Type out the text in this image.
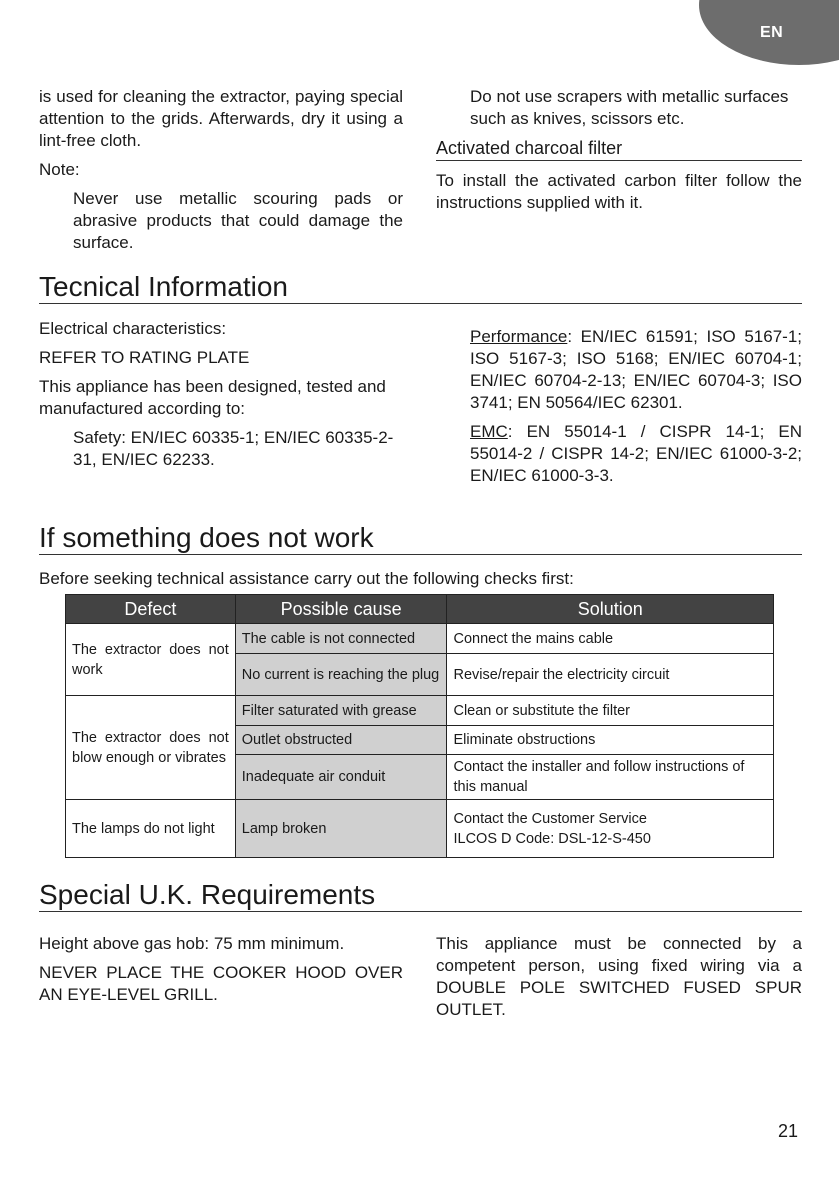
EN

is used for cleaning the extractor, paying special attention to the grids. Afterwards, dry it using a lint-free cloth.

Note:

Never use metallic scouring pads or abrasive products that could damage the surface.

Do not use scrapers with metallic surfaces such as knives, scissors etc.

Activated charcoal filter

To install the activated carbon filter follow the instructions supplied with it.

Tecnical Information

Electrical characteristics:

REFER TO RATING PLATE

This appliance has been designed, tested and manufactured according to:

Safety: EN/IEC 60335-1; EN/IEC 60335-2-31, EN/IEC 62233.

Performance: EN/IEC 61591; ISO 5167-1; ISO 5167-3; ISO 5168; EN/IEC 60704-1; EN/IEC 60704-2-13; EN/IEC 60704-3; ISO 3741; EN 50564/IEC 62301.

EMC: EN 55014-1 / CISPR 14-1; EN 55014-2 / CISPR 14-2; EN/IEC 61000-3-2; EN/IEC 61000-3-3.

If something does not work
Before seeking technical assistance carry out the following checks first:
Defect	Possible cause	Solution
The extractor does not work	The cable is not connected	Connect the mains cable
	No current is reaching the plug	Revise/repair the electricity circuit
The extractor does not blow enough or vibrates	Filter saturated with grease	Clean or substitute the filter
	Outlet obstructed	Eliminate obstructions
	Inadequate air conduit	Contact the installer and follow instructions of this manual
The lamps do not light	Lamp broken	Contact the Customer Service
ILCOS D Code: DSL-12-S-450
Special U.K. Requirements

Height above gas hob: 75 mm minimum.

NEVER PLACE THE COOKER HOOD OVER AN EYE-LEVEL GRILL.

This appliance must be connected by a competent person, using fixed wiring via a DOUBLE POLE SWITCHED FUSED SPUR OUTLET.

21
